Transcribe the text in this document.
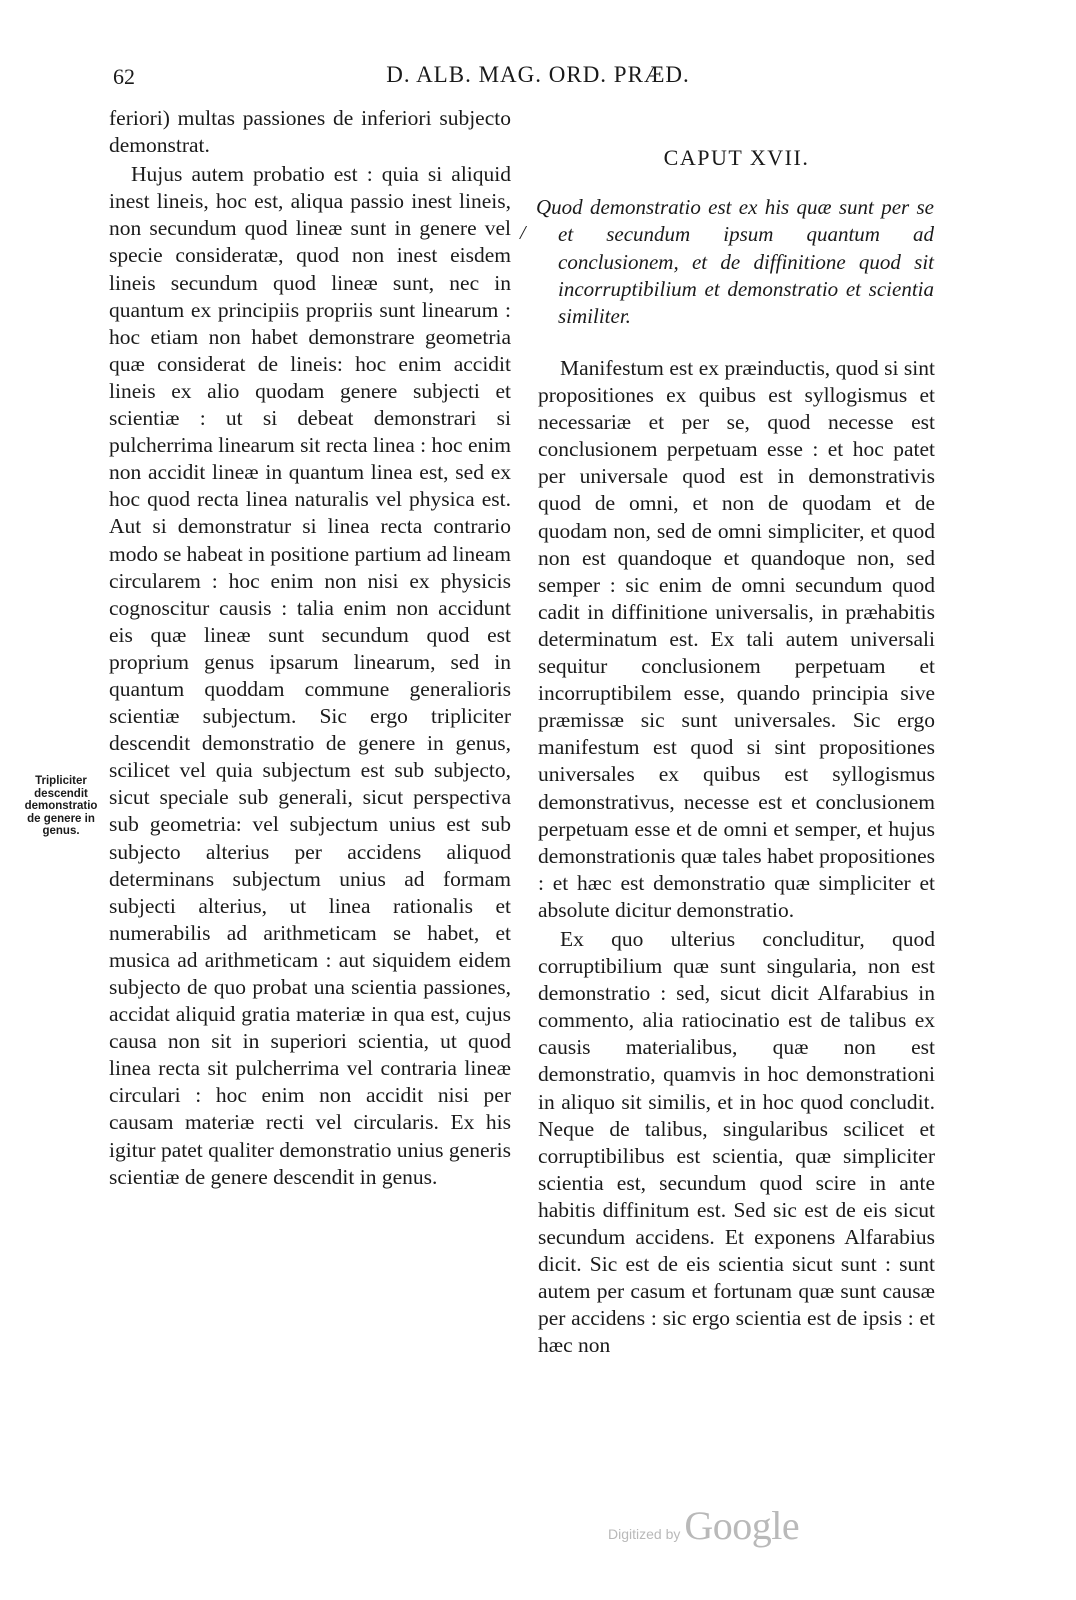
62	D. ALB. MAG. ORD. PRÆD.

feriori) multas passiones de inferiori subjecto demonstrat.

Hujus autem probatio est : quia si aliquid inest lineis, hoc est, aliqua passio inest lineis, non secundum quod lineæ sunt in genere vel specie consideratæ, quod non inest eisdem lineis secundum quod lineæ sunt, nec in quantum ex principiis propriis sunt linearum : hoc etiam non habet demonstrare geometria quæ considerat de lineis: hoc enim accidit lineis ex alio quodam genere subjecti et scientiæ : ut si debeat demonstrari si pulcherrima linearum sit recta linea : hoc enim non accidit lineæ in quantum linea est, sed ex hoc quod recta linea naturalis vel physica est. Aut si demonstratur si linea recta contrario modo se habeat in positione partium ad lineam circularem : hoc enim non nisi ex physicis cognoscitur causis : talia enim non accidunt eis quæ lineæ sunt secundum quod est proprium genus ipsarum linearum, sed in quantum quoddam commune generalioris scientiæ subjectum. Sic ergo tripliciter descendit demonstratio de genere in genus, scilicet vel quia subjectum est sub subjecto, sicut speciale sub generali, sicut perspectiva sub geometria: vel subjectum unius est sub subjecto alterius per accidens aliquod determinans subjectum unius ad formam subjecti alterius, ut linea rationalis et numerabilis ad arithmeticam se habet, et musica ad arithmeticam : aut siquidem eidem subjecto de quo probat una scientia passiones, accidat aliquid gratia materiæ in qua est, cujus causa non sit in superiori scientia, ut quod linea recta sit pulcherrima vel contraria lineæ circulari : hoc enim non accidit nisi per causam materiæ recti vel circularis. Ex his igitur patet qualiter demonstratio unius generis scientiæ de genere descendit in genus.

Tripliciter descendit demonstratio de genere in genus.
/
CAPUT XVII.
Quod demonstratio est ex his quæ sunt per se et secundum ipsum quantum ad conclusionem, et de diffinitione quod sit incorruptibilium et demonstratio et scientia similiter.

Manifestum est ex præinductis, quod si sint propositiones ex quibus est syllogismus et necessariæ et per se, quod necesse est conclusionem perpetuam esse : et hoc patet per universale quod est in demonstrativis quod de omni, et non de quodam et de quodam non, sed de omni simpliciter, et quod non est quandoque et quandoque non, sed semper : sic enim de omni secundum quod cadit in diffinitione universalis, in præhabitis determinatum est. Ex tali autem universali sequitur conclusionem perpetuam et incorruptibilem esse, quando principia sive præmissæ sic sunt universales. Sic ergo manifestum est quod si sint propositiones universales ex quibus est syllogismus demonstrativus, necesse est et conclusionem perpetuam esse et de omni et semper, et hujus demonstrationis quæ tales habet propositiones : et hæc est demonstratio quæ simpliciter et absolute dicitur demonstratio.

Ex quo ulterius concluditur, quod corruptibilium quæ sunt singularia, non est demonstratio : sed, sicut dicit Alfarabius in commento, alia ratiocinatio est de talibus ex causis materialibus, quæ non est demonstratio, quamvis in hoc demonstrationi in aliquo sit similis, et in hoc quod concludit. Neque de talibus, singularibus scilicet et corruptibilibus est scientia, quæ simpliciter scientia est, secundum quod scire in ante habitis diffinitum est. Sed sic est de eis sicut secundum accidens. Et exponens Alfarabius dicit. Sic est de eis scientia sicut sunt : sunt autem per casum et fortunam quæ sunt causæ per accidens : sic ergo scientia est de ipsis : et hæc non

Digitized by Google
